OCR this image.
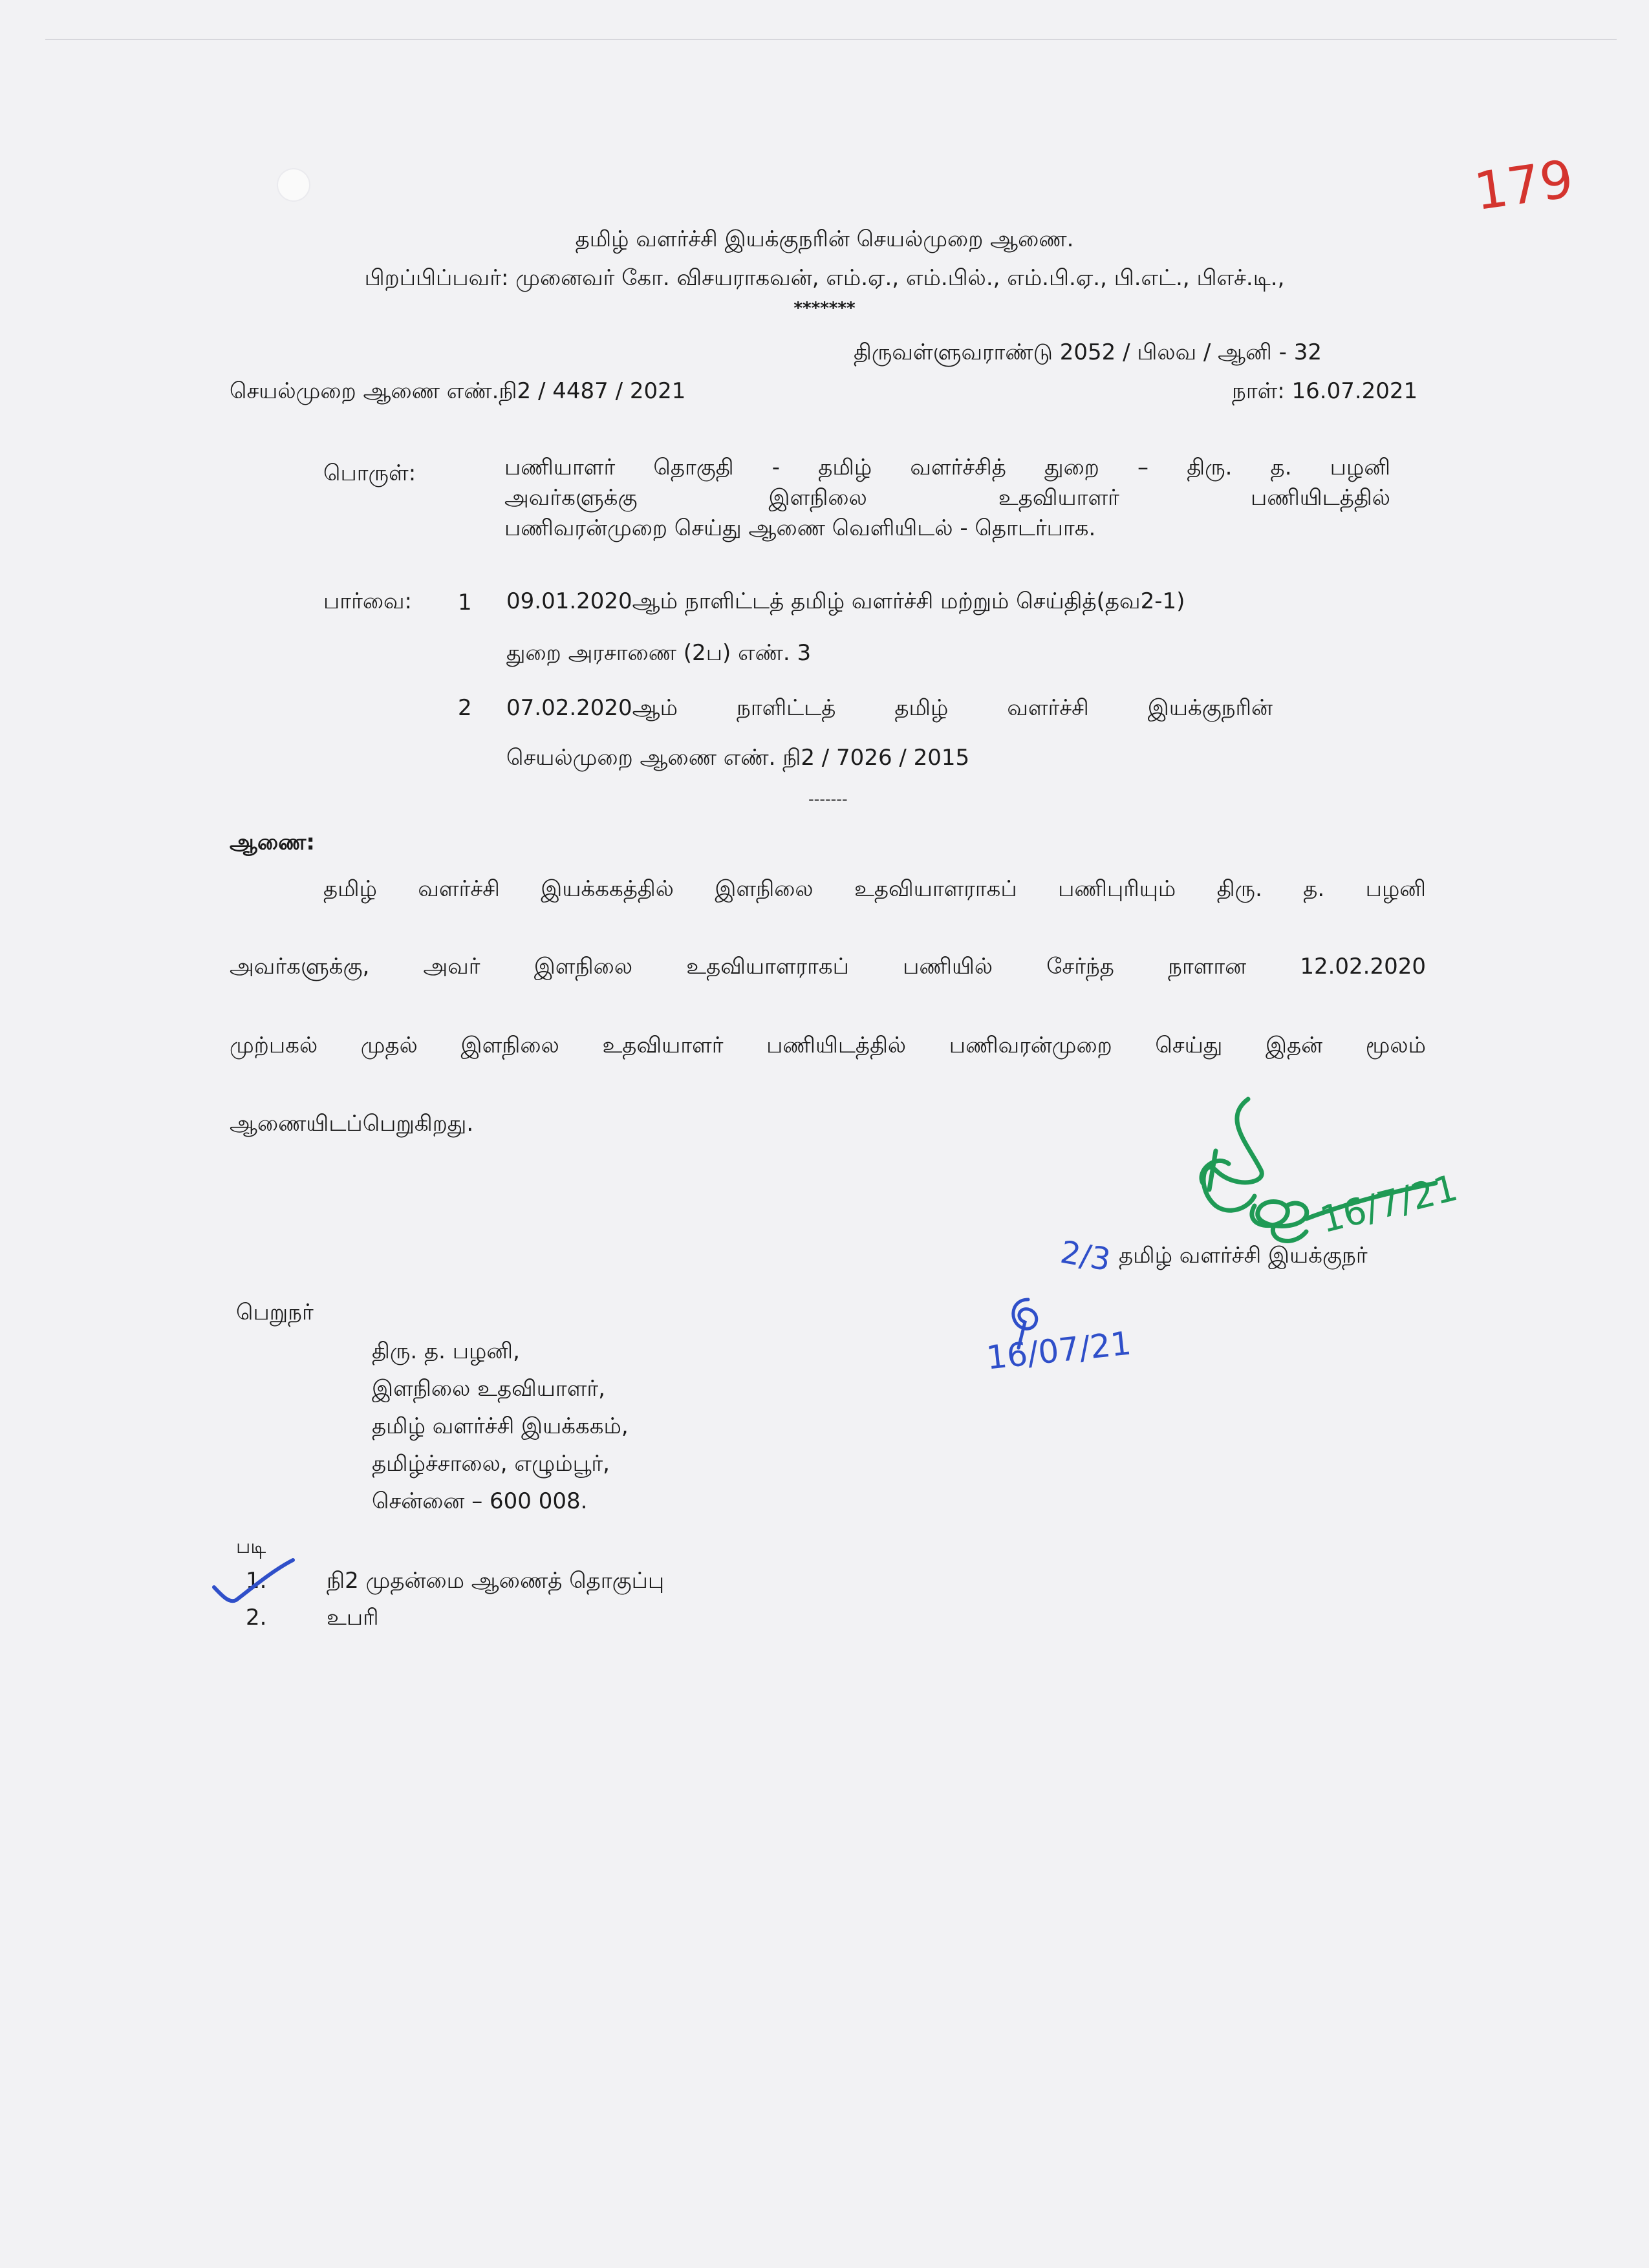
179
தமிழ் வளர்ச்சி இயக்குநரின் செயல்முறை ஆணை.
பிறப்பிப்பவர்: முனைவர் கோ. விசயராகவன், எம்.ஏ., எம்.பில்., எம்.பி.ஏ., பி.எட்., பிஎச்.டி.,
*******
திருவள்ளுவராண்டு 2052 / பிலவ / ஆனி - 32
செயல்முறை ஆணை எண்.நி2 / 4487 / 2021	நாள்: 16.07.2021
பொருள்:	பணியாளர் தொகுதி - தமிழ் வளர்ச்சித் துறை – திரு. த. பழனி
அவர்களுக்கு இளநிலை உதவியாளர் பணியிடத்தில்
பணிவரன்முறை செய்து ஆணை வெளியிடல் - தொடர்பாக.
பார்வை: 1 09.01.2020ஆம் நாளிட்டத் தமிழ் வளர்ச்சி மற்றும் செய்தித்(தவ2-1)
துறை அரசாணை (2ப) எண். 3
2 07.02.2020ஆம் நாளிட்டத் தமிழ் வளர்ச்சி இயக்குநரின்
செயல்முறை ஆணை எண். நி2 / 7026 / 2015
-------
ஆணை:
தமிழ் வளர்ச்சி இயக்ககத்தில் இளநிலை உதவியாளராகப் பணிபுரியும் திரு. த. பழனி
அவர்களுக்கு, அவர் இளநிலை உதவியாளராகப் பணியில் சேர்ந்த நாளான 12.02.2020
முற்பகல் முதல் இளநிலை உதவியாளர் பணியிடத்தில் பணிவரன்முறை செய்து இதன் மூலம்
ஆணையிடப்பெறுகிறது.
16/7/21
2/3
16/07/21
தமிழ் வளர்ச்சி இயக்குநர்
பெறுநர்
திரு. த. பழனி,
இளநிலை உதவியாளர்,
தமிழ் வளர்ச்சி இயக்ககம்,
தமிழ்ச்சாலை, எழும்பூர்,
சென்னை – 600 008.
படி
1.	நி2 முதன்மை ஆணைத் தொகுப்பு
2.	உபரி
